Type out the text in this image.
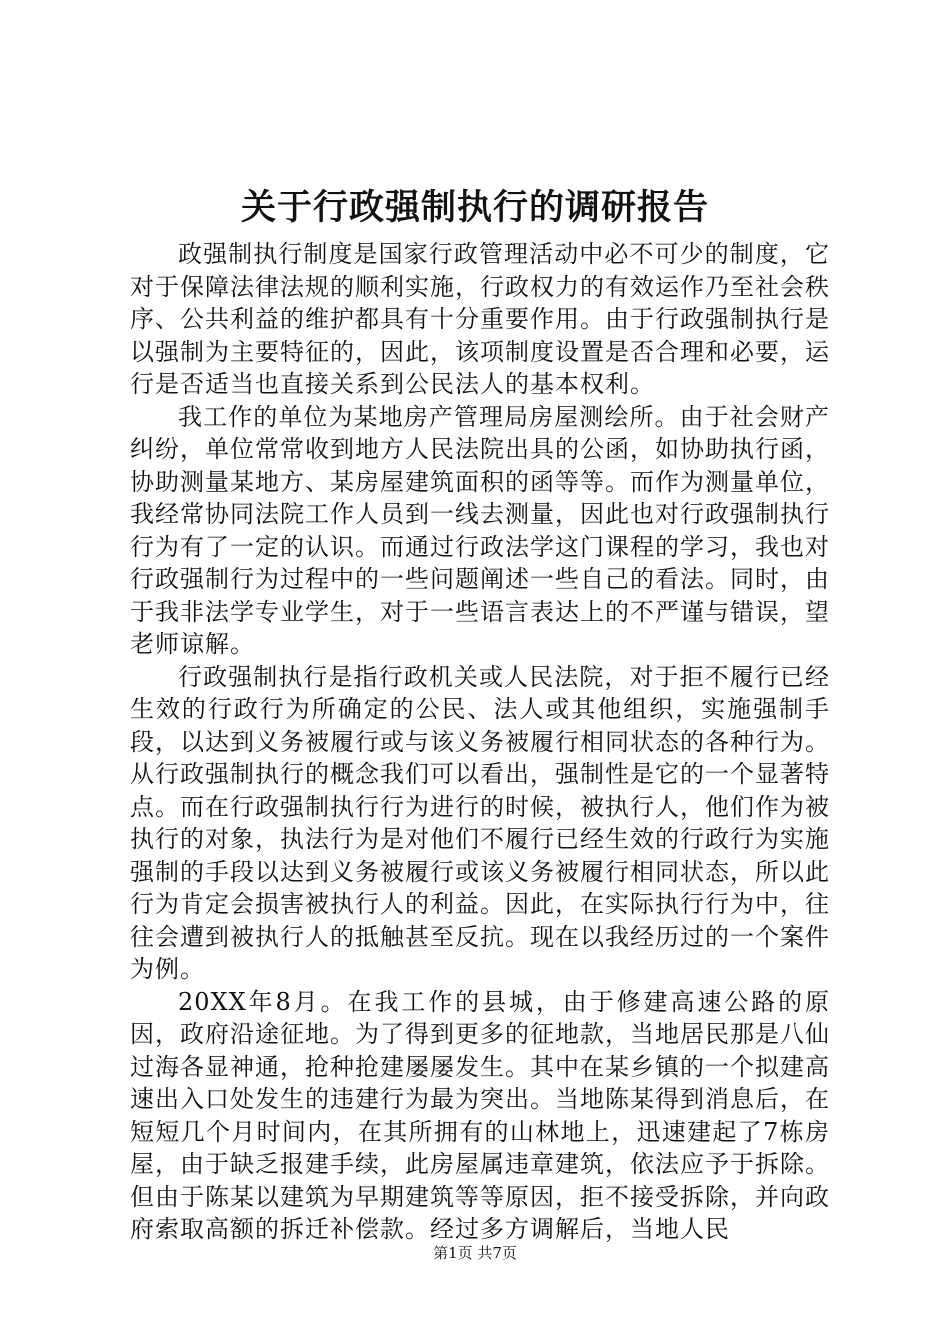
关于行政强制执行的调研报告

政强制执行制度是国家行政管理活动中必不可少的制度，它对于保障法律法规的顺利实施，行政权力的有效运作乃至社会秩序、公共利益的维护都具有十分重要作用。由于行政强制执行是以强制为主要特征的，因此，该项制度设置是否合理和必要，运行是否适当也直接关系到公民法人的基本权利。

我工作的单位为某地房产管理局房屋测绘所。由于社会财产纠纷，单位常常收到地方人民法院出具的公函，如协助执行函，协助测量某地方、某房屋建筑面积的函等等。而作为测量单位，我经常协同法院工作人员到一线去测量，因此也对行政强制执行行为有了一定的认识。而通过行政法学这门课程的学习，我也对行政强制行为过程中的一些问题阐述一些自己的看法。同时，由于我非法学专业学生，对于一些语言表达上的不严谨与错误，望老师谅解。

行政强制执行是指行政机关或人民法院，对于拒不履行已经生效的行政行为所确定的公民、法人或其他组织，实施强制手段，以达到义务被履行或与该义务被履行相同状态的各种行为。从行政强制执行的概念我们可以看出，强制性是它的一个显著特点。而在行政强制执行行为进行的时候，被执行人，他们作为被执行的对象，执法行为是对他们不履行已经生效的行政行为实施强制的手段以达到义务被履行或该义务被履行相同状态，所以此行为肯定会损害被执行人的利益。因此，在实际执行行为中，往往会遭到被执行人的抵触甚至反抗。现在以我经历过的一个案件为例。

20XX年8月。在我工作的县城，由于修建高速公路的原因，政府沿途征地。为了得到更多的征地款，当地居民那是八仙过海各显神通，抢种抢建屡屡发生。其中在某乡镇的一个拟建高速出入口处发生的违建行为最为突出。当地陈某得到消息后，在短短几个月时间内，在其所拥有的山林地上，迅速建起了7栋房屋，由于缺乏报建手续，此房屋属违章建筑，依法应予于拆除。但由于陈某以建筑为早期建筑等等原因，拒不接受拆除，并向政府索取高额的拆迁补偿款。经过多方调解后，当地人民

第1页 共7页
